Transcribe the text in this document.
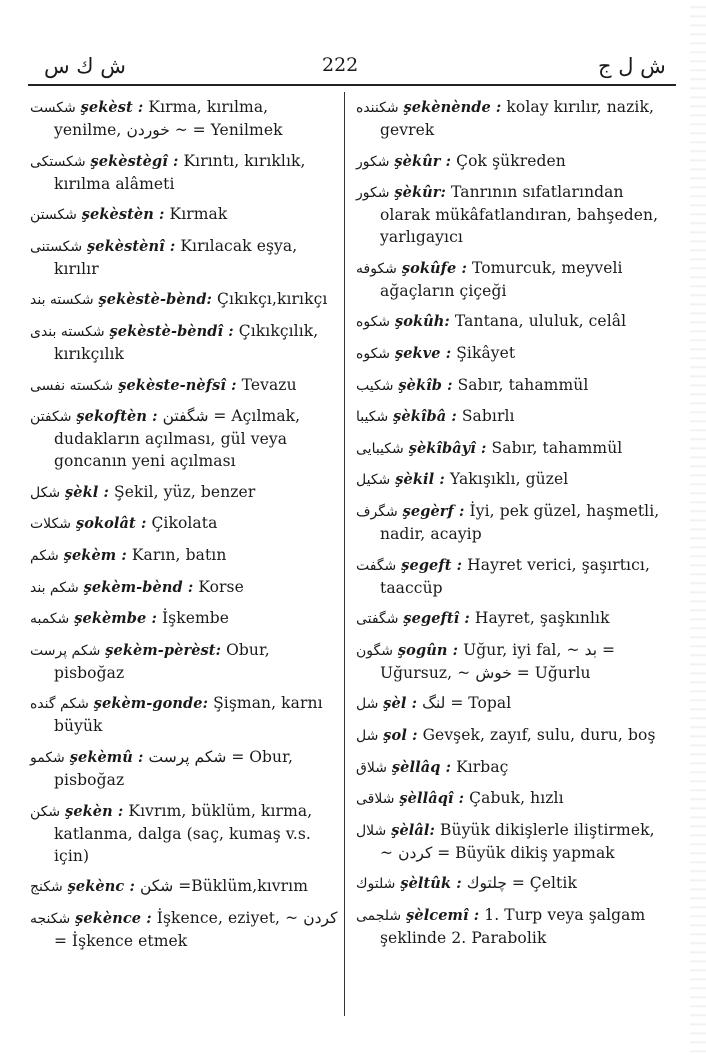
ش ك س	222	ش ل ج

شكست şekèst : Kırma, kırılma, yenilme, خوردن ~ = Yenilmek

شكستكى şekèstègî : Kırıntı, kırıklık, kırılma alâmeti

شكستن şekèstèn : Kırmak

شكستنى şekèstènî : Kırılacak eşya, kırılır

شكسته بند şekèstè-bènd: Çıkıkçı,kırıkçı

شكسته بندى şekèstè-bèndî : Çıkıkçılık, kırıkçılık

شكسته نفسى şekèste-nèfsî : Tevazu

شكفتن şekoftèn : شگفتن = Açılmak, dudakların açılması, gül veya goncanın yeni açılması

شكل şèkl : Şekil, yüz, benzer

شكلات şokolât : Çikolata

شكم şekèm : Karın, batın

شكم بند şekèm-bènd : Korse

شكمبه şekèmbe : İşkembe

شكم پرست şekèm-pèrèst: Obur, pisboğaz

شكم گنده şekèm-gonde: Şişman, karnı büyük

شكمو şekèmû : شكم پرست = Obur, pisboğaz

شكن şekèn : Kıvrım, büklüm, kırma, katlanma, dalga (saç, kumaş v.s. için)

شكنج şekènc : شكن =Büklüm,kıvrım

شكنجه şekènce : İşkence, eziyet, ~ كردن = İşkence etmek

شكننده şekènènde : kolay kırılır, nazik, gevrek

شكور şèkûr : Çok şükreden

شكور şèkûr: Tanrının sıfatlarından olarak mükâfatlandıran, bahşeden, yarlıgayıcı

شكوفه şokûfe : Tomurcuk, meyveli ağaçların çiçeği

شكوه şokûh: Tantana, ululuk, celâl

شكوه şekve : Şikâyet

شكيب şèkîb : Sabır, tahammül

شكيبا şèkîbâ : Sabırlı

شكيبايى şèkîbâyî : Sabır, tahammül

شكيل şèkil : Yakışıklı, güzel

شگرف şegèrf : İyi, pek güzel, haşmetli, nadir, acayip

شگفت şegeft : Hayret verici, şaşırtıcı, taaccüp

شگفتى şegeftî : Hayret, şaşkınlık

شگون şogûn : Uğur, iyi fal, ~ بد = Uğursuz, ~ خوش = Uğurlu

شل şèl : لنگ = Topal

شل şol : Gevşek, zayıf, sulu, duru, boş

شلاق şèllâq : Kırbaç

شلاقى şèllâqî : Çabuk, hızlı

شلال şèlâl: Büyük dikişlerle iliştirmek, ~ كردن = Büyük dikiş yapmak

شلتوك şèltûk : چلتوك = Çeltik

شلجمى şèlcemî : 1. Turp veya şalgam şeklinde 2. Parabolik
